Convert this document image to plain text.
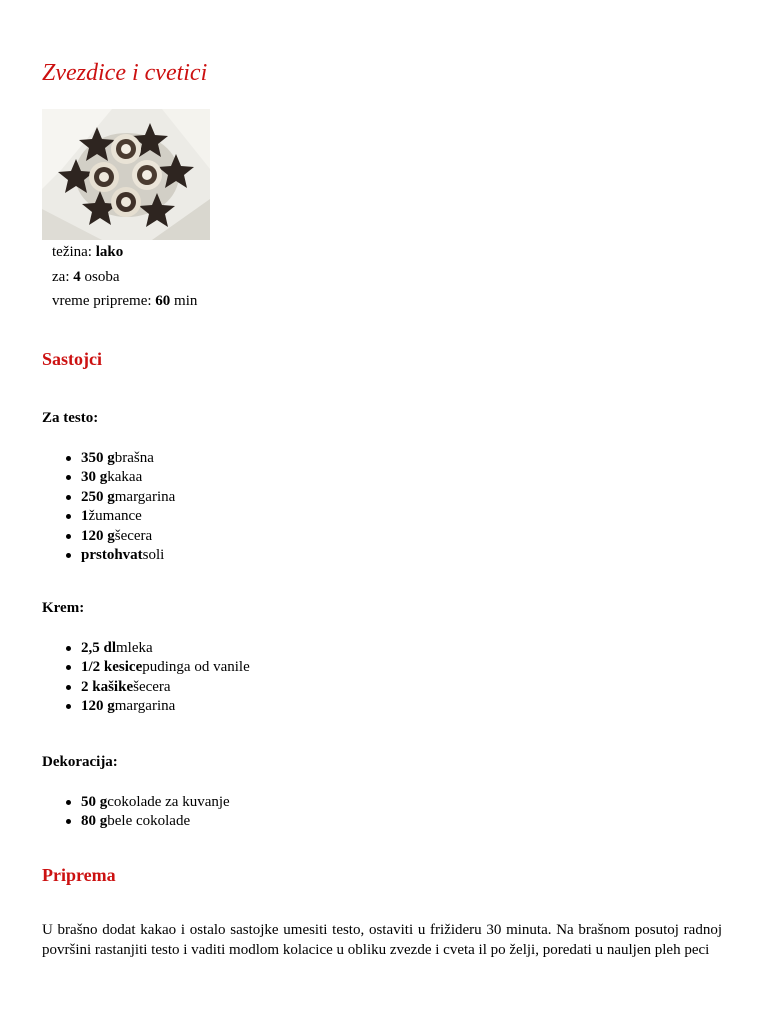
Zvezdice i cvetici
težina: lako
za: 4 osoba
vreme pripreme: 60 min
Sastojci
Za testo:
350 gbrašna
30 gkakaa
250 gmargarina
1žumance
120 gšecera
prstohvatsoli
Krem:
2,5 dlmleka
1/2 kesicepudinga od vanile
2 kašikešecera
120 gmargarina
Dekoracija:
50 gcokolade za kuvanje
80 gbele cokolade
Priprema

U brašno dodat kakao i ostalo sastojke umesiti testo, ostaviti u frižideru 30 minuta. Na brašnom posutoj radnoj površini rastanjiti testo i vaditi modlom kolacice u obliku zvezde i cveta il po želji, poredati u nauljen pleh peci
